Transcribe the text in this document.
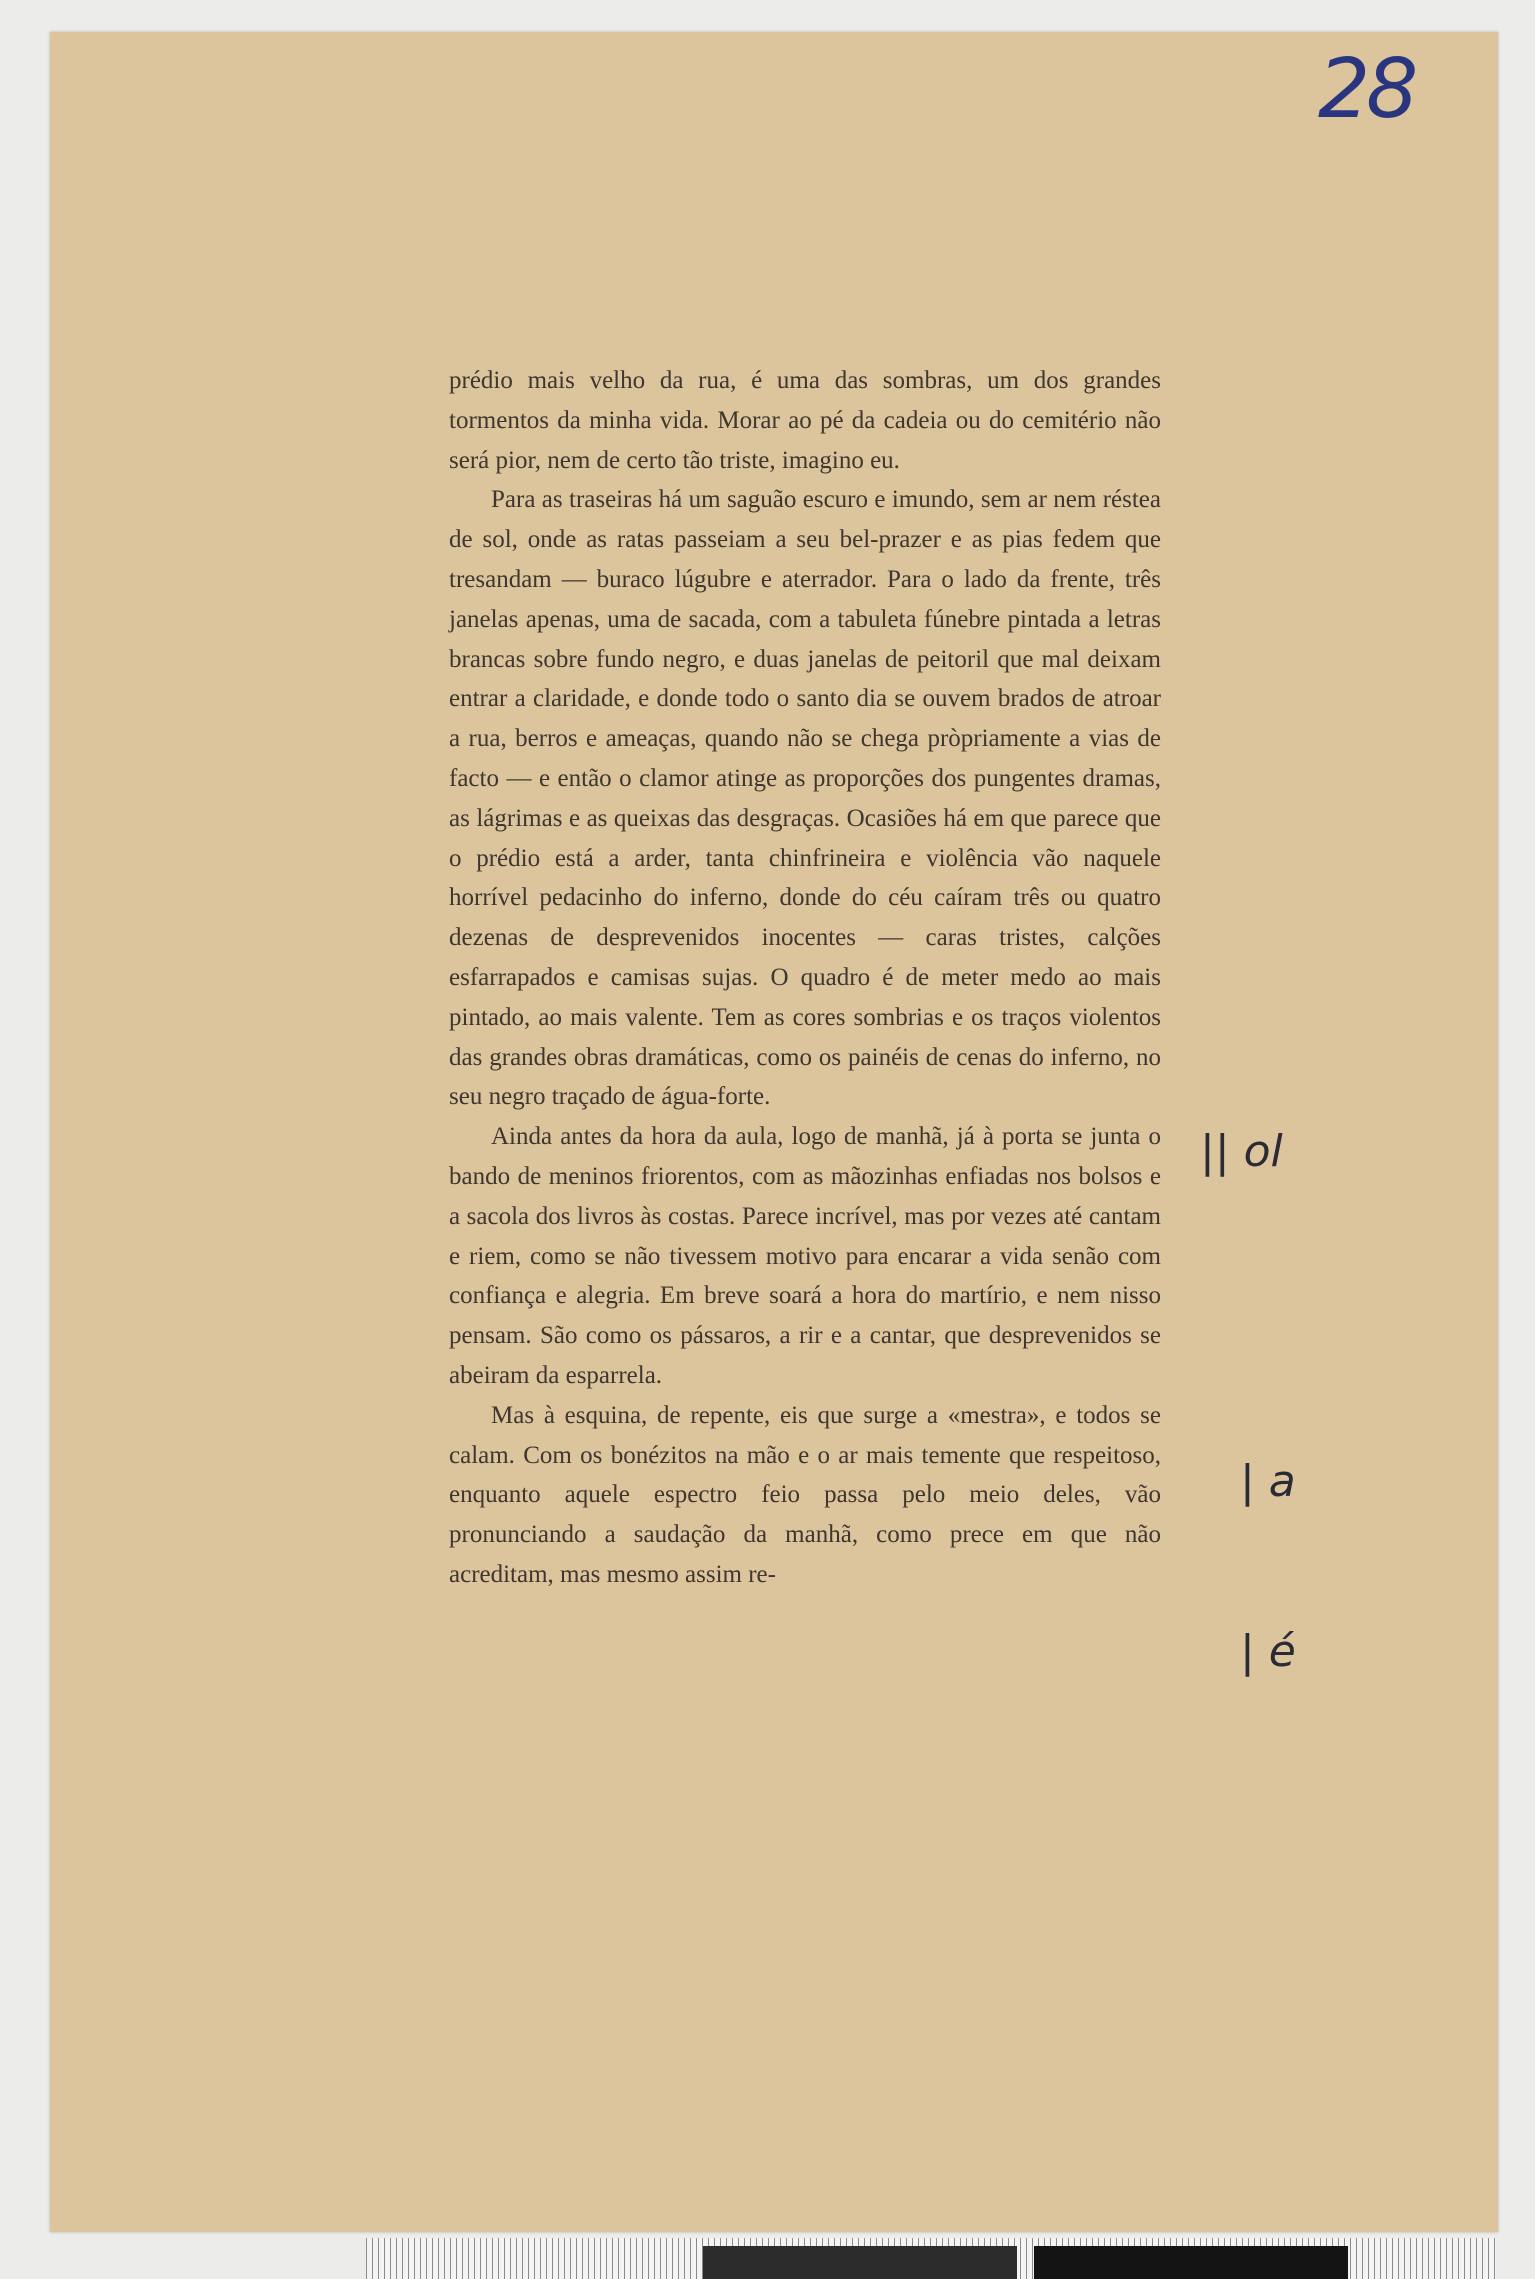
28

prédio mais velho da rua, é uma das sombras, um dos grandes tormentos da minha vida. Morar ao pé da cadeia ou do cemitério não será pior, nem de certo tão triste, imagino eu.

Para as traseiras há um saguão escuro e imundo, sem ar nem réstea de sol, onde as ratas passeiam a seu bel-prazer e as pias fedem que tresandam — buraco lúgubre e aterrador. Para o lado da frente, três janelas apenas, uma de sacada, com a tabuleta fúnebre pintada a letras brancas sobre fundo negro, e duas janelas de peitoril que mal deixam entrar a claridade, e donde todo o santo dia se ouvem brados de atroar a rua, berros e ameaças, quando não se chega pròpriamente a vias de facto — e então o clamor atinge as proporções dos pungentes dramas, as lágrimas e as queixas das desgraças. Ocasiões há em que parece que o prédio está a arder, tanta chinfrineira e violência vão naquele horrível pedacinho do inferno, donde do céu caíram três ou quatro dezenas de desprevenidos inocentes — caras tristes, calções esfarrapados e camisas sujas. O quadro é de meter medo ao mais pintado, ao mais valente. Tem as cores sombrias e os traços violentos das grandes obras dramáticas, como os painéis de cenas do inferno, no seu negro traçado de água-forte.

Ainda antes da hora da aula, logo de manhã, já à porta se junta o bando de meninos friorentos, com as mãozinhas enfiadas nos bolsos e a sacola dos livros às costas. Parece incrível, mas por vezes até cantam e riem, como se não tivessem motivo para encarar a vida senão com confiança e alegria. Em breve soará a hora do martírio, e nem nisso pensam. São como os pássaros, a rir e a cantar, que desprevenidos se abeiram da esparrela.

Mas à esquina, de repente, eis que surge a «mestra», e todos se calam. Com os bonézitos na mão e o ar mais temente que respeitoso, enquanto aquele espectro feio passa pelo meio deles, vão pronunciando a saudação da manhã, como prece em que não acreditam, mas mesmo assim re-

|| ol
| a
| é
